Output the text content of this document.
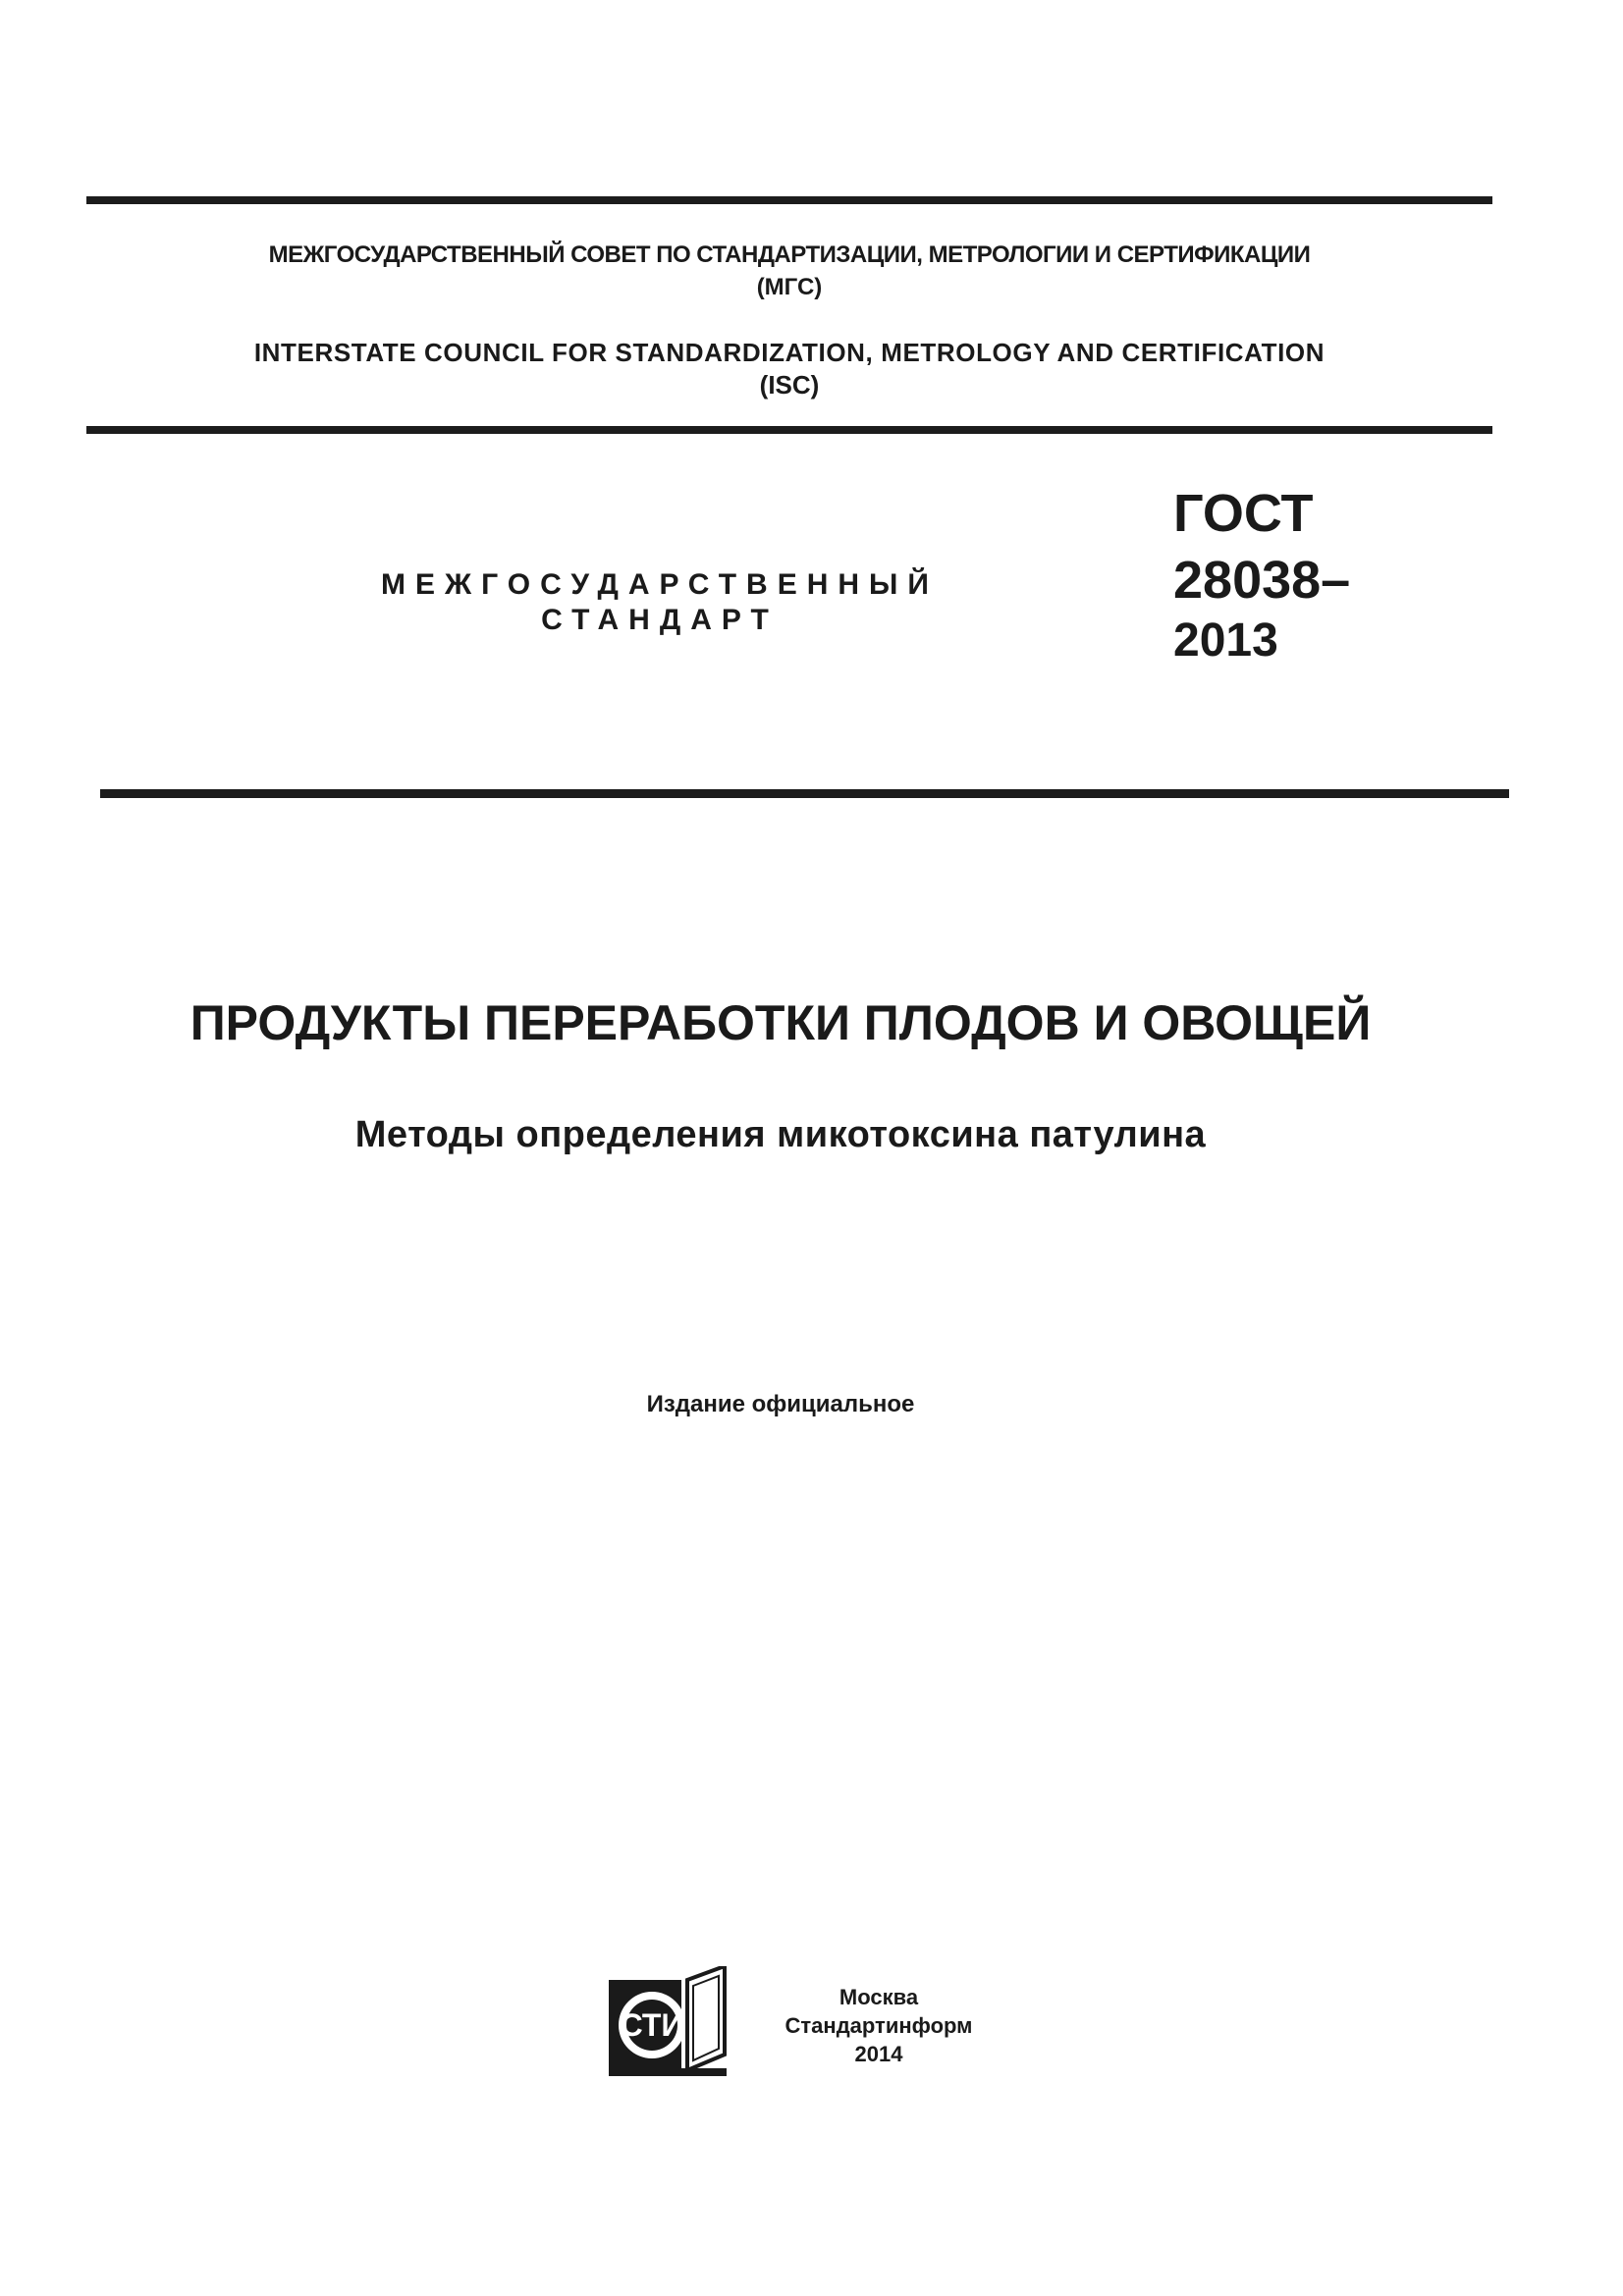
МЕЖГОСУДАРСТВЕННЫЙ СОВЕТ ПО СТАНДАРТИЗАЦИИ, МЕТРОЛОГИИ И СЕРТИФИКАЦИИ
(МГС)
INTERSTATE COUNCIL FOR STANDARDIZATION, METROLOGY AND CERTIFICATION
(ISC)
МЕЖГОСУДАРСТВЕННЫЙ
СТАНДАРТ
ГОСТ
28038–
2013
ПРОДУКТЫ ПЕРЕРАБОТКИ ПЛОДОВ И ОВОЩЕЙ
Методы определения микотоксина патулина
Издание официальное
СТИ
Москва
Стандартинформ
2014
